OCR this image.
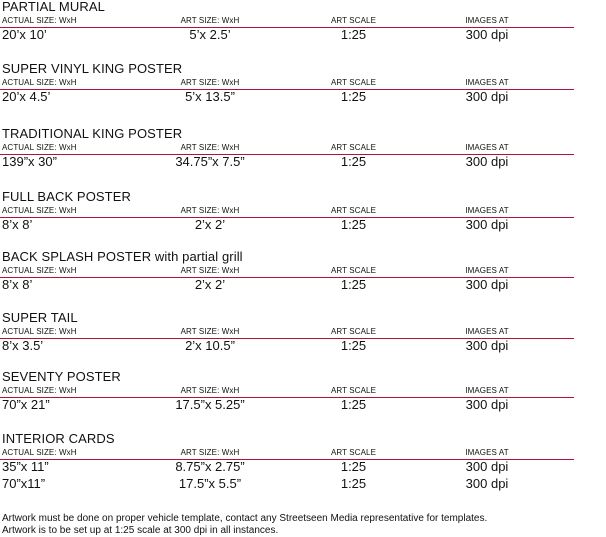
PARTIAL MURAL
ACTUAL SIZE: WxH	ART SIZE: WxH	ART SCALE	IMAGES AT
20’x 10’	5’x 2.5’	1:25	300 dpi
SUPER VINYL KING POSTER
ACTUAL SIZE: WxH	ART SIZE: WxH	ART SCALE	IMAGES AT
20’x 4.5’	5’x 13.5”	1:25	300 dpi
TRADITIONAL KING POSTER
ACTUAL SIZE: WxH	ART SIZE: WxH	ART SCALE	IMAGES AT
139”x 30”	34.75”x 7.5”	1:25	300 dpi
FULL BACK POSTER
ACTUAL SIZE: WxH	ART SIZE: WxH	ART SCALE	IMAGES AT
8’x 8’	2’x 2’	1:25	300 dpi
BACK SPLASH POSTER with partial grill
ACTUAL SIZE: WxH	ART SIZE: WxH	ART SCALE	IMAGES AT
8’x 8’	2’x 2’	1:25	300 dpi
SUPER TAIL
ACTUAL SIZE: WxH	ART SIZE: WxH	ART SCALE	IMAGES AT
8’x 3.5’	2’x 10.5”	1:25	300 dpi
SEVENTY POSTER
ACTUAL SIZE: WxH	ART SIZE: WxH	ART SCALE	IMAGES AT
70”x 21”	17.5”x 5.25”	1:25	300 dpi
INTERIOR CARDS
ACTUAL SIZE: WxH	ART SIZE: WxH	ART SCALE	IMAGES AT
35”x 11”	8.75”x 2.75”	1:25	300 dpi
70”x11”	17.5”x 5.5”	1:25	300 dpi
Artwork must be done on proper vehicle template, contact any Streetseen Media representative for templates.
Artwork is to be set up at 1:25 scale at 300 dpi in all instances.
